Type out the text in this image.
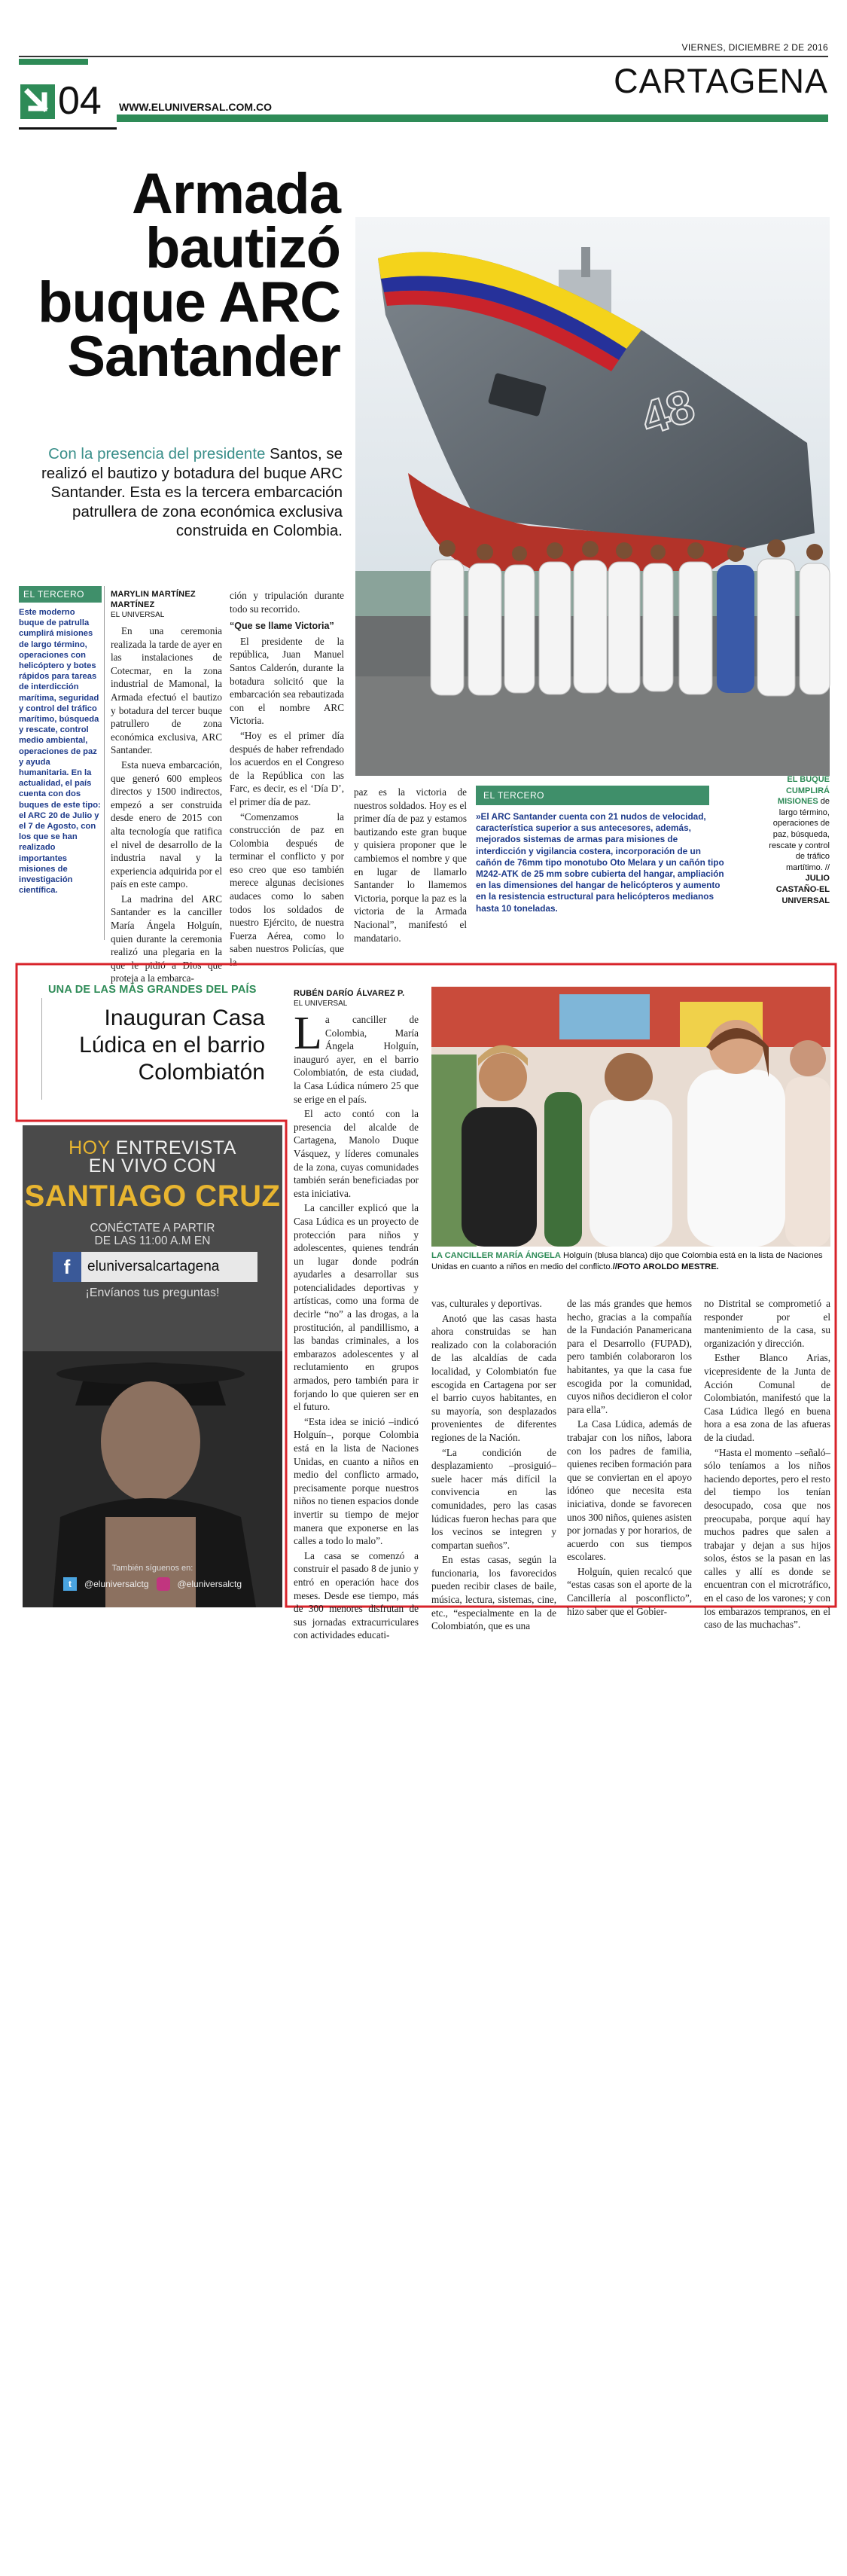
VIERNES, DICIEMBRE 2 DE 2016
CARTAGENA
04 WWW.ELUNIVERSAL.COM.CO
Armada
bautizó
buque ARC
Santander

Con la presencia del presidente Santos, se realizó el bautizo y botadura del buque ARC Santander. Esta es la tercera embarcación patrullera de zona económica exclusiva construida en Colombia.

48
EL TERCERO

Este moderno buque de patrulla cumplirá misiones de largo término, operaciones con helicóptero y botes rápidos para tareas de interdicción marítima, seguridad y control del tráfico marítimo, búsqueda y rescate, control medio ambiental, operaciones de paz y ayuda humanitaria. En la actualidad, el país cuenta con dos buques de este tipo: el ARC 20 de Julio y el 7 de Agosto, con los que se han realizado importantes misiones de investigación científica.

MARYLIN MARTÍNEZ MARTÍNEZ
EL UNIVERSAL

En una ceremonia realizada la tarde de ayer en las instalaciones de Cotecmar, en la zona industrial de Mamonal, la Armada efectuó el bautizo y botadura del tercer buque patrullero de zona económica exclusiva, ARC Santander.

Esta nueva embarcación, que generó 600 empleos directos y 1500 indirectos, empezó a ser construida desde enero de 2015 con alta tecnología que ratifica el nivel de desarrollo de la industria naval y la experiencia adquirida por el país en este campo.

La madrina del ARC Santander es la canciller María Ángela Holguín, quien durante la ceremonia realizó una plegaria en la que le pidió a Dios que proteja a la embarca-

ción y tripulación durante todo su recorrido.

“Que se llame Victoria”

El presidente de la república, Juan Manuel Santos Calderón, durante la botadura solicitó que la embarcación sea rebautizada con el nombre ARC Victoria.

“Hoy es el primer día después de haber refrendado los acuerdos en el Congreso de la República con las Farc, es decir, es el ‘Día D’, el primer día de paz.

“Comenzamos la construcción de paz en Colombia después de terminar el conflicto y por eso creo que eso también merece algunas decisiones audaces como lo saben todos los soldados de nuestro Ejército, de nuestra Fuerza Aérea, como lo saben nuestros Policías, que la

paz es la victoria de nuestros soldados. Hoy es el primer día de paz y estamos bautizando este gran buque y quisiera proponer que le cambiemos el nombre y que en lugar de llamarlo Santander lo llamemos Victoria, porque la paz es la victoria de la Armada Nacional”, manifestó el mandatario.

EL TERCERO

»El ARC Santander cuenta con 21 nudos de velocidad, característica superior a sus antecesores, además, mejorados sistemas de armas para misiones de interdicción y vigilancia costera, incorporación de un cañón de 76mm tipo monotubo Oto Melara y un cañón tipo M242-ATK de 25 mm sobre cubierta del hangar, ampliación en las dimensiones del hangar de helicópteros y aumento en la resistencia estructural para helicópteros medianos hasta 10 toneladas.

EL BUQUE CUMPLIRÁ MISIONES de largo término, operaciones de paz, búsqueda, rescate y control de tráfico martítimo. // JULIO CASTAÑO-EL UNIVERSAL

UNA DE LAS MÁS GRANDES DEL PAÍS
Inauguran Casa Lúdica en el barrio Colombiatón
RUBÉN DARÍO ÁLVAREZ P.
EL UNIVERSAL

La canciller de Colombia, María Ángela Holguín, inauguró ayer, en el barrio Colombiatón, de esta ciudad, la Casa Lúdica número 25 que se erige en el país.

El acto contó con la presencia del alcalde de Cartagena, Manolo Duque Vásquez, y líderes comunales de la zona, cuyas comunidades también serán beneficiadas por esta iniciativa.

La canciller explicó que la Casa Lúdica es un proyecto de protección para niños y adolescentes, quienes tendrán un lugar donde podrán ayudarles a desarrollar sus potencialidades deportivas y artísticas, como una forma de decirle “no” a las drogas, a la prostitución, al pandillismo, a las bandas criminales, a los embarazos adolescentes y al reclutamiento en grupos armados, pero también para ir forjando lo que quieren ser en el futuro.

“Esta idea se inició –indicó Holguín–, porque Colombia está en la lista de Naciones Unidas, en cuanto a niños en medio del conflicto armado, precisamente porque nuestros niños no tienen espacios donde invertir su tiempo de mejor manera que exponerse en las calles a todo lo malo”.

La casa se comenzó a construir el pasado 8 de junio y entró en operación hace dos meses. Desde ese tiempo, más de 300 menores disfrutan de sus jornadas extracurriculares con actividades educati-

LA CANCILLER MARÍA ÁNGELA Holguín (blusa blanca) dijo que Colombia está en la lista de Naciones Unidas en cuanto a niños en medio del conflicto.//FOTO AROLDO MESTRE.

vas, culturales y deportivas.

Anotó que las casas hasta ahora construidas se han realizado con la colaboración de las alcaldías de cada localidad, y Colombiatón fue escogida en Cartagena por ser el barrio cuyos habitantes, en su mayoría, son desplazados provenientes de diferentes regiones de la Nación.

“La condición de desplazamiento –prosiguió– suele hacer más difícil la convivencia en las comunidades, pero las casas lúdicas fueron hechas para que los vecinos se integren y compartan sueños”.

En estas casas, según la funcionaria, los favorecidos pueden recibir clases de baile, música, lectura, sistemas, cine, etc., “especialmente en la de Colombiatón, que es una

de las más grandes que hemos hecho, gracias a la compañía de la Fundación Panamericana para el Desarrollo (FUPAD), pero también colaboraron los habitantes, ya que la casa fue escogida por la comunidad, cuyos niños decidieron el color para ella”.

La Casa Lúdica, además de trabajar con los niños, labora con los padres de familia, quienes reciben formación para que se conviertan en el apoyo idóneo que necesita esta iniciativa, donde se favorecen unos 300 niños, quienes asisten por jornadas y por horarios, de acuerdo con sus tiempos escolares.

Holguín, quien recalcó que “estas casas son el aporte de la Cancillería al posconflicto”, hizo saber que el Gobier-

no Distrital se comprometió a responder por el mantenimiento de la casa, su organización y dirección.

Esther Blanco Arias, vicepresidente de la Junta de Acción Comunal de Colombiatón, manifestó que la Casa Lúdica llegó en buena hora a esa zona de las afueras de la ciudad.

“Hasta el momento –señaló– sólo teníamos a los niños haciendo deportes, pero el resto del tiempo los tenían desocupado, cosa que nos preocupaba, porque aquí hay muchos padres que salen a trabajar y dejan a sus hijos solos, éstos se la pasan en las calles y allí es donde se encuentran con el microtráfico, en el caso de los varones; y con los embarazos tempranos, en el caso de las muchachas”.

HOY ENTREVISTA
EN VIVO CON
SANTIAGO CRUZ
CONÉCTATE A PARTIR
DE LAS 11:00 A.M EN
f	eluniversalcartagena
¡Envíanos tus preguntas!
También síguenos en:
t	@eluniversalctg	@eluniversalctg
